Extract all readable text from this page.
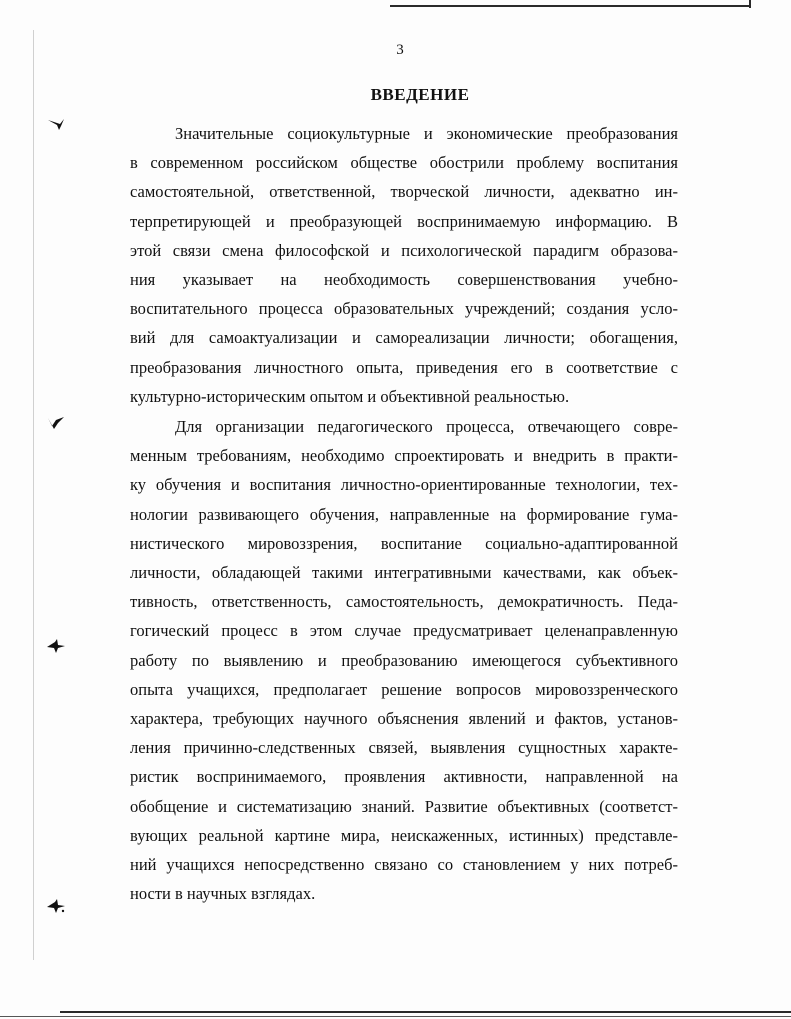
3
ВВЕДЕНИЕ

Значительные социокультурные и экономические преобразования
в современном российском обществе обострили проблему воспитания
самостоятельной, ответственной, творческой личности, адекватно ин-
терпретирующей и преобразующей воспринимаемую информацию. В
этой связи смена философской и психологической парадигм образова-
ния указывает на необходимость совершенствования учебно-
воспитательного процесса образовательных учреждений; создания усло-
вий для самоактуализации и самореализации личности; обогащения,
преобразования личностного опыта, приведения его в соответствие с
культурно-историческим опытом и объективной реальностью.

Для организации педагогического процесса, отвечающего совре-
менным требованиям, необходимо спроектировать и внедрить в практи-
ку обучения и воспитания личностно-ориентированные технологии, тех-
нологии развивающего обучения, направленные на формирование гума-
нистического мировоззрения, воспитание социально-адаптированной
личности, обладающей такими интегративными качествами, как объек-
тивность, ответственность, самостоятельность, демократичность. Педа-
гогический процесс в этом случае предусматривает целенаправленную
работу по выявлению и преобразованию имеющегося субъективного
опыта учащихся, предполагает решение вопросов мировоззренческого
характера, требующих научного объяснения явлений и фактов, установ-
ления причинно-следственных связей, выявления сущностных характе-
ристик воспринимаемого, проявления активности, направленной на
обобщение и систематизацию знаний. Развитие объективных (соответст-
вующих реальной картине мира, неискаженных, истинных) представле-
ний учащихся непосредственно связано со становлением у них потреб-
ности в научных взглядах.
